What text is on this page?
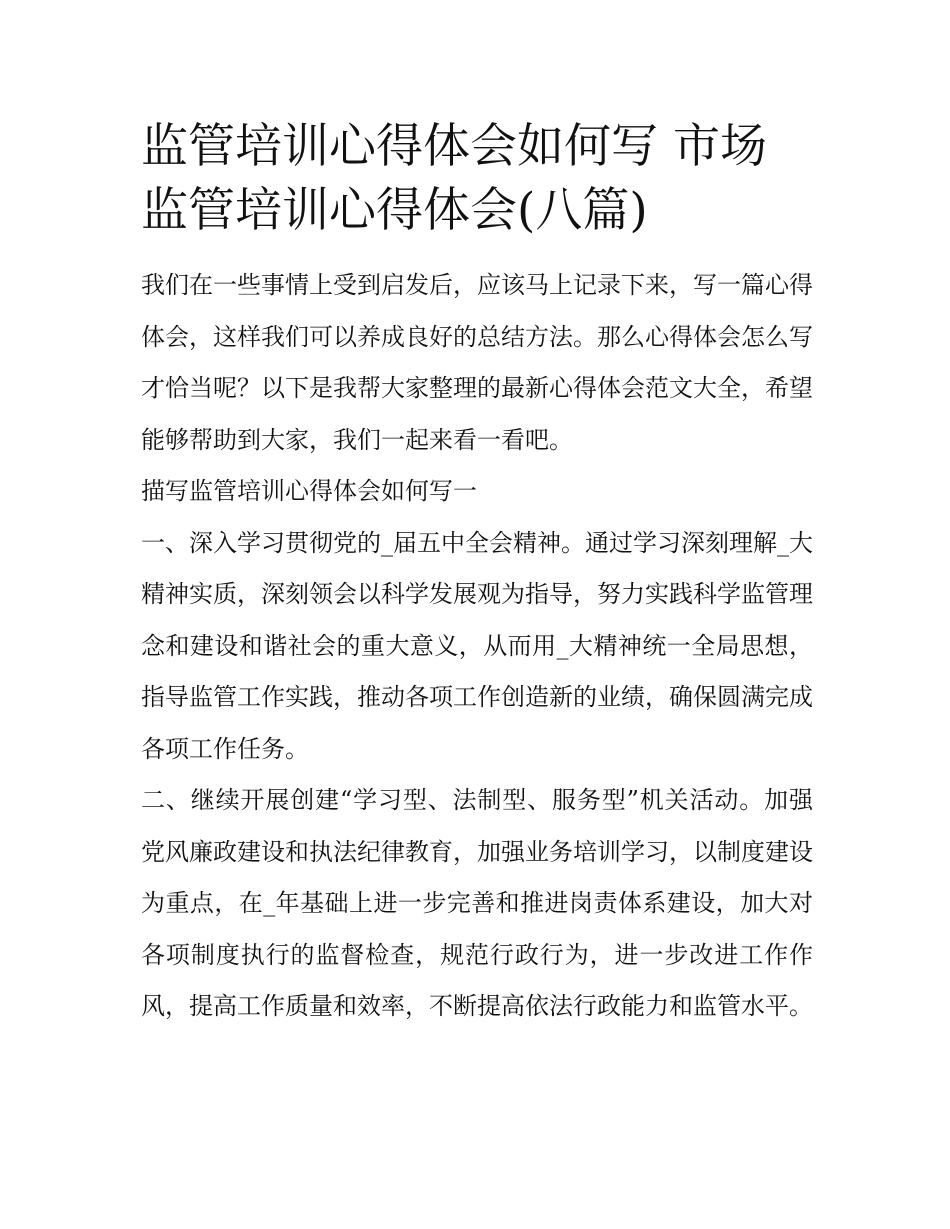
监管培训心得体会如何写 市场监管培训心得体会(八篇)

我们在一些事情上受到启发后，应该马上记录下来，写一篇心得体会，这样我们可以养成良好的总结方法。那么心得体会怎么写才恰当呢？以下是我帮大家整理的最新心得体会范文大全，希望能够帮助到大家，我们一起来看一看吧。

描写监管培训心得体会如何写一

一、深入学习贯彻党的_届五中全会精神。通过学习深刻理解_大精神实质，深刻领会以科学发展观为指导，努力实践科学监管理念和建设和谐社会的重大意义，从而用_大精神统一全局思想，指导监管工作实践，推动各项工作创造新的业绩，确保圆满完成各项工作任务。

二、继续开展创建“学习型、法制型、服务型”机关活动。加强党风廉政建设和执法纪律教育，加强业务培训学习，以制度建设为重点，在_年基础上进一步完善和推进岗责体系建设，加大对各项制度执行的监督检查，规范行政行为，进一步改进工作作风，提高工作质量和效率，不断提高依法行政能力和监管水平。
